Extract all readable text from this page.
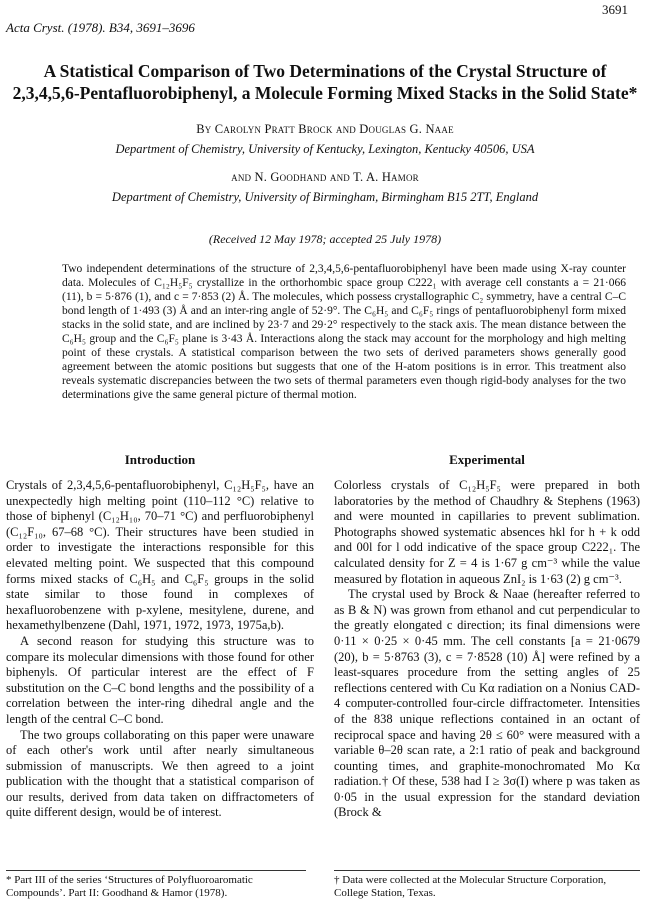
3691
Acta Cryst. (1978). B34, 3691–3696
A Statistical Comparison of Two Determinations of the Crystal Structure of
2,3,4,5,6-Pentafluorobiphenyl, a Molecule Forming Mixed Stacks in the Solid State*
By Carolyn Pratt Brock and Douglas G. Naae
Department of Chemistry, University of Kentucky, Lexington, Kentucky 40506, USA
and N. Goodhand and T. A. Hamor
Department of Chemistry, University of Birmingham, Birmingham B15 2TT, England
(Received 12 May 1978; accepted 25 July 1978)
Two independent determinations of the structure of 2,3,4,5,6-pentafluorobiphenyl have been made using X-ray counter data. Molecules of C₁₂H₅F₅ crystallize in the orthorhombic space group C222₁ with average cell constants a = 21·066 (11), b = 5·876 (1), and c = 7·853 (2) Å. The molecules, which possess crystallographic C₂ symmetry, have a central C–C bond length of 1·493 (3) Å and an inter-ring angle of 52·9°. The C₆H₅ and C₆F₅ rings of pentafluorobiphenyl form mixed stacks in the solid state, and are inclined by 23·7 and 29·2° respectively to the stack axis. The mean distance between the C₆H₅ group and the C₆F₅ plane is 3·43 Å. Interactions along the stack may account for the morphology and high melting point of these crystals. A statistical comparison between the two sets of derived parameters shows generally good agreement between the atomic positions but suggests that one of the H-atom positions is in error. This treatment also reveals systematic discrepancies between the two sets of thermal parameters even though rigid-body analyses for the two determinations give the same general picture of thermal motion.
Introduction

Crystals of 2,3,4,5,6-pentafluorobiphenyl, C₁₂H₅F₅, have an unexpectedly high melting point (110–112 °C) relative to those of biphenyl (C₁₂H₁₀, 70–71 °C) and perfluorobiphenyl (C₁₂F₁₀, 67–68 °C). Their structures have been studied in order to investigate the interactions responsible for this elevated melting point. We suspected that this compound forms mixed stacks of C₆H₅ and C₆F₅ groups in the solid state similar to those found in complexes of hexafluorobenzene with p-xylene, mesitylene, durene, and hexamethylbenzene (Dahl, 1971, 1972, 1973, 1975a,b).

A second reason for studying this structure was to compare its molecular dimensions with those found for other biphenyls. Of particular interest are the effect of F substitution on the C–C bond lengths and the possibility of a correlation between the inter-ring dihedral angle and the length of the central C–C bond.

The two groups collaborating on this paper were unaware of each other's work until after nearly simultaneous submission of manuscripts. We then agreed to a joint publication with the thought that a statistical comparison of our results, derived from data taken on diffractometers of quite different design, would be of interest.

Experimental

Colorless crystals of C₁₂H₅F₅ were prepared in both laboratories by the method of Chaudhry & Stephens (1963) and were mounted in capillaries to prevent sublimation. Photographs showed systematic absences hkl for h + k odd and 00l for l odd indicative of the space group C222₁. The calculated density for Z = 4 is 1·67 g cm⁻³ while the value measured by flotation in aqueous ZnI₂ is 1·63 (2) g cm⁻³.

The crystal used by Brock & Naae (hereafter referred to as B & N) was grown from ethanol and cut perpendicular to the greatly elongated c direction; its final dimensions were 0·11 × 0·25 × 0·45 mm. The cell constants [a = 21·0679 (20), b = 5·8763 (3), c = 7·8528 (10) Å] were refined by a least-squares procedure from the setting angles of 25 reflections centered with Cu Kα radiation on a Nonius CAD-4 computer-controlled four-circle diffractometer. Intensities of the 838 unique reflections contained in an octant of reciprocal space and having 2θ ≤ 60° were measured with a variable θ–2θ scan rate, a 2:1 ratio of peak and background counting times, and graphite-monochromated Mo Kα radiation.† Of these, 538 had I ≥ 3σ(I) where p was taken as 0·05 in the usual expression for the standard deviation (Brock &

* Part III of the series ‘Structures of Polyfluoroaromatic Compounds’. Part II: Goodhand & Hamor (1978).
† Data were collected at the Molecular Structure Corporation, College Station, Texas.
